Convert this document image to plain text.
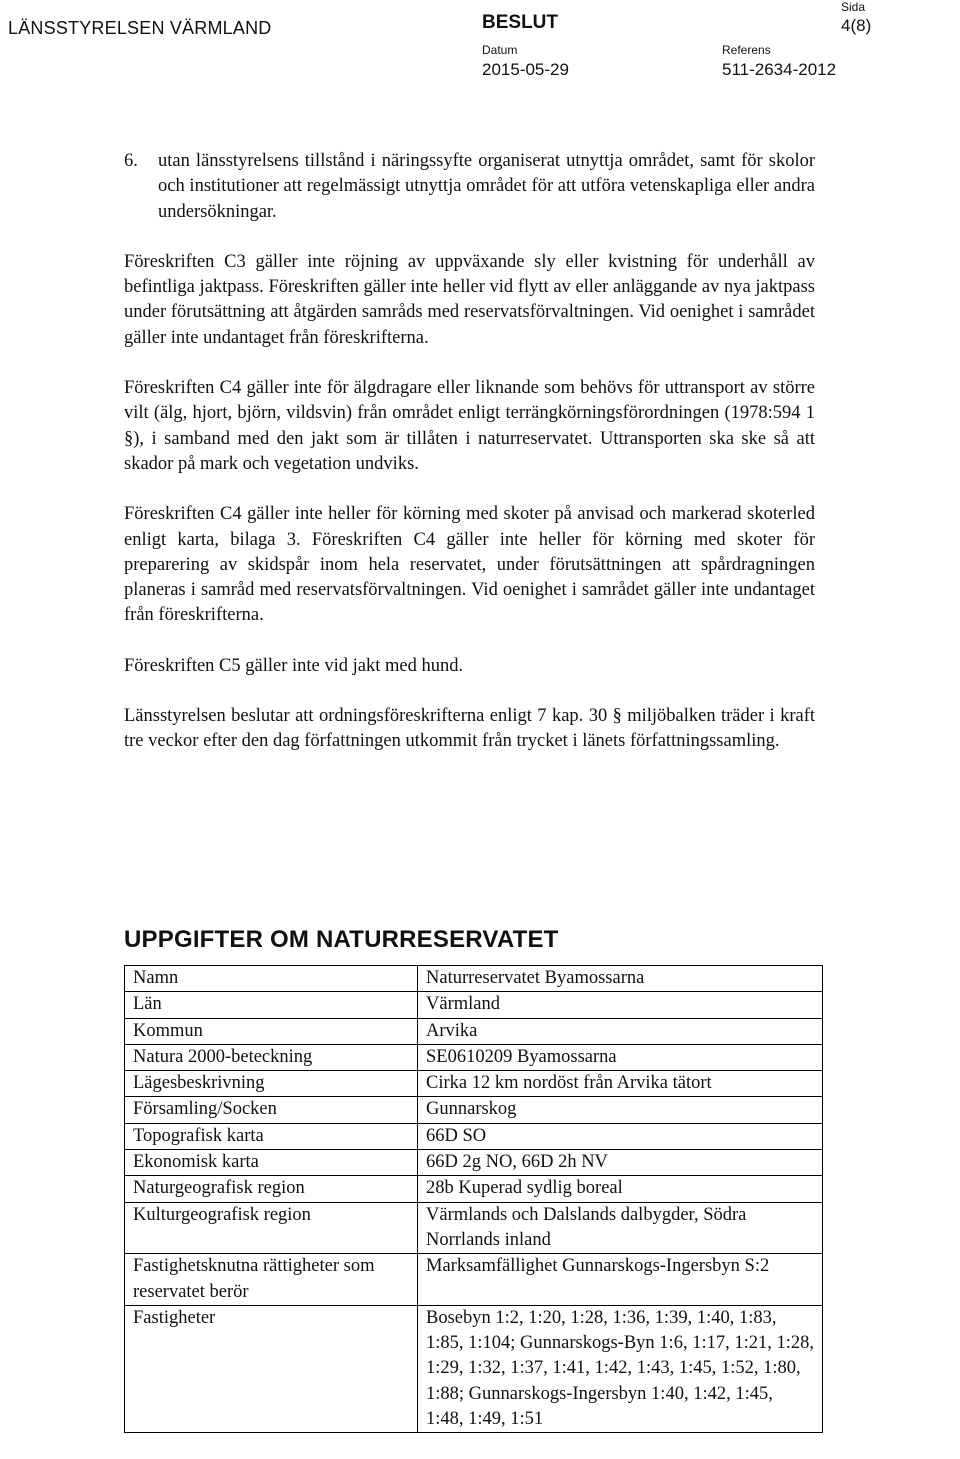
LÄNSSTYRELSEN VÄRMLAND	BESLUT
Sida
4(8)
Datum
2015-05-29
Referens
511-2634-2012
6. utan länsstyrelsens tillstånd i näringssyfte organiserat utnyttja området, samt för skolor och institutioner att regelmässigt utnyttja området för att utföra vetenskapliga eller andra undersökningar.

Föreskriften C3 gäller inte röjning av uppväxande sly eller kvistning för underhåll av befintliga jaktpass. Föreskriften gäller inte heller vid flytt av eller anläggande av nya jaktpass under förutsättning att åtgärden samråds med reservatsförvaltningen. Vid oenighet i samrådet gäller inte undantaget från föreskrifterna.

Föreskriften C4 gäller inte för älgdragare eller liknande som behövs för uttransport av större vilt (älg, hjort, björn, vildsvin) från området enligt terrängkörningsförordningen (1978:594 1 §), i samband med den jakt som är tillåten i naturreservatet. Uttransporten ska ske så att skador på mark och vegetation undviks.

Föreskriften C4 gäller inte heller för körning med skoter på anvisad och markerad skoterled enligt karta, bilaga 3. Föreskriften C4 gäller inte heller för körning med skoter för preparering av skidspår inom hela reservatet, under förutsättningen att spårdragningen planeras i samråd med reservatsförvaltningen. Vid oenighet i samrådet gäller inte undantaget från föreskrifterna.

Föreskriften C5 gäller inte vid jakt med hund.

Länsstyrelsen beslutar att ordningsföreskrifterna enligt 7 kap. 30 § miljöbalken träder i kraft tre veckor efter den dag författningen utkommit från trycket i länets författningssamling.

UPPGIFTER OM NATURRESERVATET
Namn	Naturreservatet Byamossarna
Län	Värmland
Kommun	Arvika
Natura 2000-beteckning	SE0610209 Byamossarna
Lägesbeskrivning	Cirka 12 km nordöst från Arvika tätort
Församling/Socken	Gunnarskog
Topografisk karta	66D SO
Ekonomisk karta	66D 2g NO, 66D 2h NV
Naturgeografisk region	28b Kuperad sydlig boreal
Kulturgeografisk region	Värmlands och Dalslands dalbygder, Södra Norrlands inland
Fastighetsknutna rättigheter som reservatet berör	Marksamfällighet Gunnarskogs-Ingersbyn S:2
Fastigheter	Bosebyn 1:2, 1:20, 1:28, 1:36, 1:39, 1:40, 1:83, 1:85, 1:104; Gunnarskogs-Byn 1:6, 1:17, 1:21, 1:28, 1:29, 1:32, 1:37, 1:41, 1:42, 1:43, 1:45, 1:52, 1:80, 1:88; Gunnarskogs-Ingersbyn 1:40, 1:42, 1:45, 1:48, 1:49, 1:51
